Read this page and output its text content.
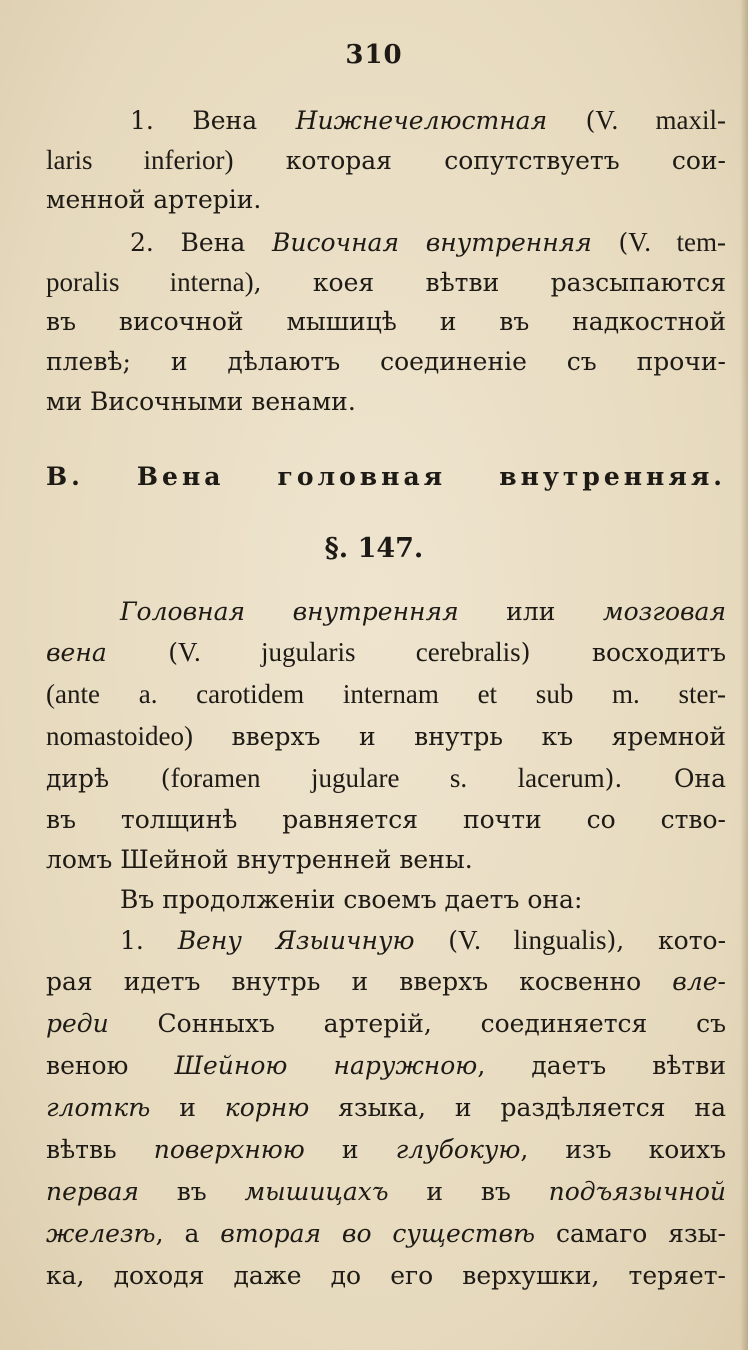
310
1. Вена Нижнечелюстная (V. maxil-
laris inferior) которая сопутствуетъ сои-
менной артеріи.
2. Вена Височная внутренняя (V. tem-
poralis interna), коея вѣтви разсыпаются
въ височной мышицѣ и въ надкостной
плевѣ; и дѣлаютъ соединеніе съ прочи-
ми Височными венами.
В. Вена головная внутренняя.
§. 147.
Головная внутренняя или мозговая
вена (V. jugularis cerebralis) восходитъ
(ante a. carotidem internam et sub m. ster-
nomastoideo) вверхъ и внутрь къ яремной
дирѣ (foramen jugulare s. lacerum). Она
въ толщинѣ равняется почти со ство-
ломъ Шейной внутренней вены.
Въ продолженіи своемъ даетъ она:
1. Вену Языичную (V. lingualis), кото-
рая идетъ внутрь и вверхъ косвенно вле-
реди Сонныхъ артерій, соединяется съ
веною Шейною наружною, даетъ вѣтви
глоткѣ и корню языка, и раздѣляется на
вѣтвь поверхнюю и глубокую, изъ коихъ
первая въ мышицахъ и въ подъязычной
железѣ, а вторая во существѣ самаго язы-
ка, доходя даже до его верхушки, теряет-
